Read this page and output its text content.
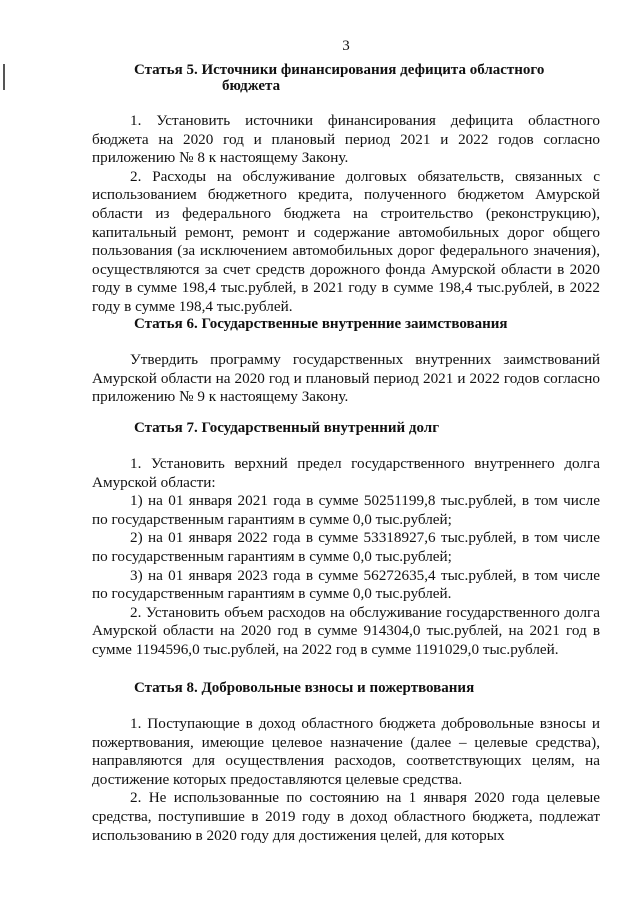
3
Статья 5. Источники финансирования дефицита областного
бюджета

1. Установить источники финансирования дефицита областного бюджета на 2020 год и плановый период 2021 и 2022 годов согласно приложению № 8 к настоящему Закону.

2. Расходы на обслуживание долговых обязательств, связанных с использованием бюджетного кредита, полученного бюджетом Амурской области из федерального бюджета на строительство (реконструкцию), капитальный ремонт, ремонт и содержание автомобильных дорог общего пользования (за исключением автомобильных дорог федерального значения), осуществляются за счет средств дорожного фонда Амурской области в 2020 году в сумме 198,4 тыс.рублей, в 2021 году в сумме 198,4 тыс.рублей, в 2022 году в сумме 198,4 тыс.рублей.

Статья 6. Государственные внутренние заимствования

Утвердить программу государственных внутренних заимствований Амурской области на 2020 год и плановый период 2021 и 2022 годов согласно приложению № 9 к настоящему Закону.

Статья 7. Государственный внутренний долг

1. Установить верхний предел государственного внутреннего долга Амурской области:

1) на 01 января 2021 года в сумме 50251199,8 тыс.рублей, в том числе по государственным гарантиям в сумме 0,0 тыс.рублей;

2) на 01 января 2022 года в сумме 53318927,6 тыс.рублей, в том числе по государственным гарантиям в сумме 0,0 тыс.рублей;

3) на 01 января 2023 года в сумме 56272635,4 тыс.рублей, в том числе по государственным гарантиям в сумме 0,0 тыс.рублей.

2. Установить объем расходов на обслуживание государственного долга Амурской области на 2020 год в сумме 914304,0 тыс.рублей, на 2021 год в сумме 1194596,0 тыс.рублей, на 2022 год в сумме 1191029,0 тыс.рублей.

Статья 8. Добровольные взносы и пожертвования

1. Поступающие в доход областного бюджета добровольные взносы и пожертвования, имеющие целевое назначение (далее – целевые средства), направляются для осуществления расходов, соответствующих целям, на достижение которых предоставляются целевые средства.

2. Не использованные по состоянию на 1 января 2020 года целевые средства, поступившие в 2019 году в доход областного бюджета, подлежат использованию в 2020 году для достижения целей, для которых
